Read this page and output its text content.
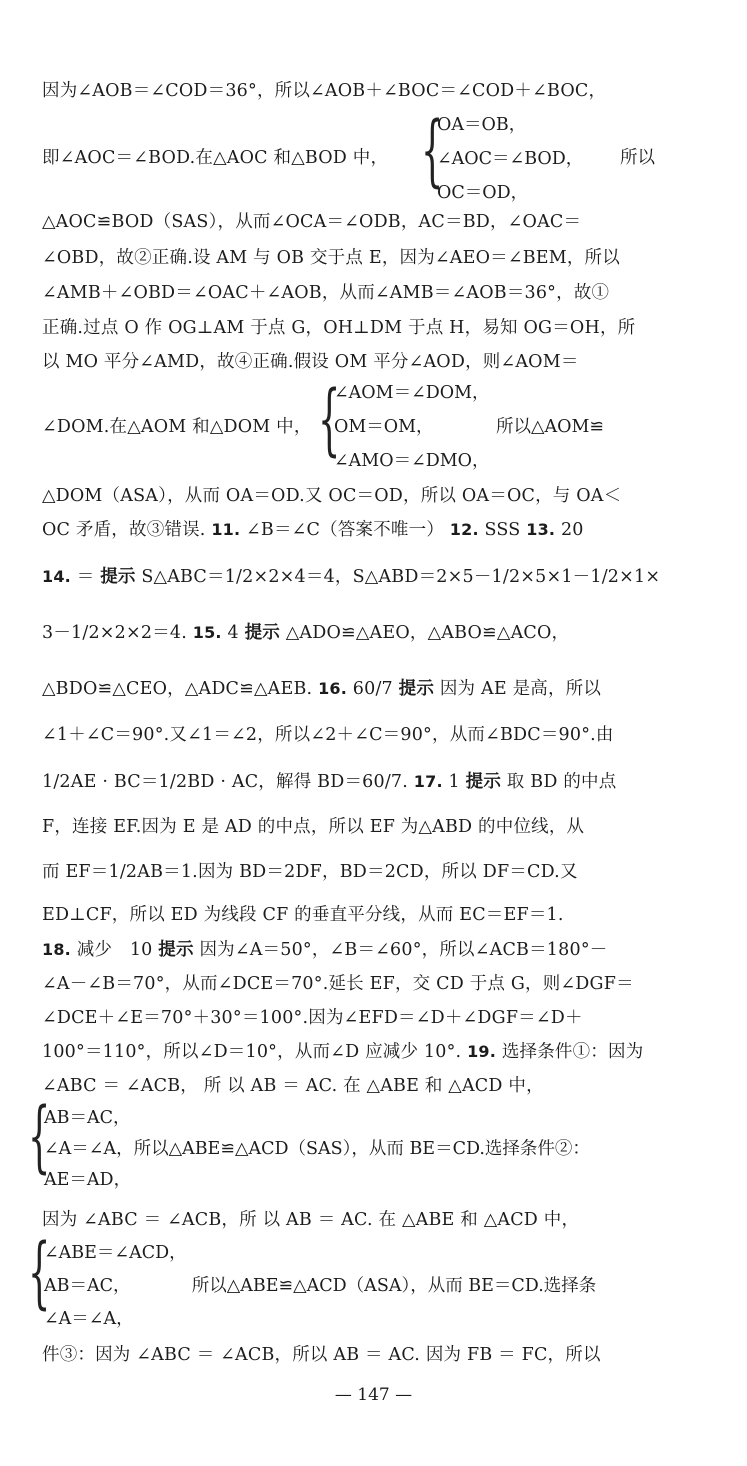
因为∠AOB＝∠COD＝36°，所以∠AOB＋∠BOC＝∠COD＋∠BOC，
即∠AOC＝∠BOD.在△AOC 和△BOD 中， {
OA＝OB，
∠AOC＝∠BOD，
OC＝OD，
所以
△AOC≌BOD（SAS），从而∠OCA＝∠ODB，AC＝BD，∠OAC＝
∠OBD，故②正确.设 AM 与 OB 交于点 E，因为∠AEO＝∠BEM，所以
∠AMB＋∠OBD＝∠OAC＋∠AOB，从而∠AMB＝∠AOB＝36°，故①
正确.过点 O 作 OG⊥AM 于点 G，OH⊥DM 于点 H，易知 OG＝OH，所
以 MO 平分∠AMD，故④正确.假设 OM 平分∠AOD，则∠AOM＝
∠DOM.在△AOM 和△DOM 中， {
∠AOM＝∠DOM，
OM＝OM，
∠AMO＝∠DMO，
所以△AOM≌
△DOM（ASA），从而 OA＝OD.又 OC＝OD，所以 OA＝OC，与 OA＜
OC 矛盾，故③错误. 11. ∠B＝∠C（答案不唯一） 12. SSS 13. 20
14. ＝ 提示 S△ABC＝1/2×2×4＝4，S△ABD＝2×5－1/2×5×1－1/2×1×
3－1/2×2×2＝4. 15. 4 提示 △ADO≌△AEO，△ABO≌△ACO，
△BDO≌△CEO，△ADC≌△AEB. 16. 60/7 提示 因为 AE 是高，所以
∠1＋∠C＝90°.又∠1＝∠2，所以∠2＋∠C＝90°，从而∠BDC＝90°.由
1/2AE · BC＝1/2BD · AC，解得 BD＝60/7. 17. 1 提示 取 BD 的中点
F，连接 EF.因为 E 是 AD 的中点，所以 EF 为△ABD 的中位线，从
而 EF＝1/2AB＝1.因为 BD＝2DF，BD＝2CD，所以 DF＝CD.又
ED⊥CF，所以 ED 为线段 CF 的垂直平分线，从而 EC＝EF＝1.
18. 减少　10 提示 因为∠A＝50°，∠B＝∠60°，所以∠ACB＝180°－
∠A－∠B＝70°，从而∠DCE＝70°.延长 EF，交 CD 于点 G，则∠DGF＝
∠DCE＋∠E＝70°＋30°＝100°.因为∠EFD＝∠D＋∠DGF＝∠D＋
100°＝110°，所以∠D＝10°，从而∠D 应减少 10°. 19. 选择条件①：因为
∠ABC ＝ ∠ACB， 所 以 AB ＝ AC. 在 △ABE 和 △ACD 中，
{
AB＝AC，
∠A＝∠A，所以△ABE≌△ACD（SAS），从而 BE＝CD.选择条件②：
AE＝AD，
因为 ∠ABC ＝ ∠ACB，所 以 AB ＝ AC. 在 △ABE 和 △ACD 中，
{
∠ABE＝∠ACD，
AB＝AC，　　　　所以△ABE≌△ACD（ASA），从而 BE＝CD.选择条
∠A＝∠A，
件③：因为 ∠ABC ＝ ∠ACB，所以 AB ＝ AC. 因为 FB ＝ FC，所以
— 147 —
